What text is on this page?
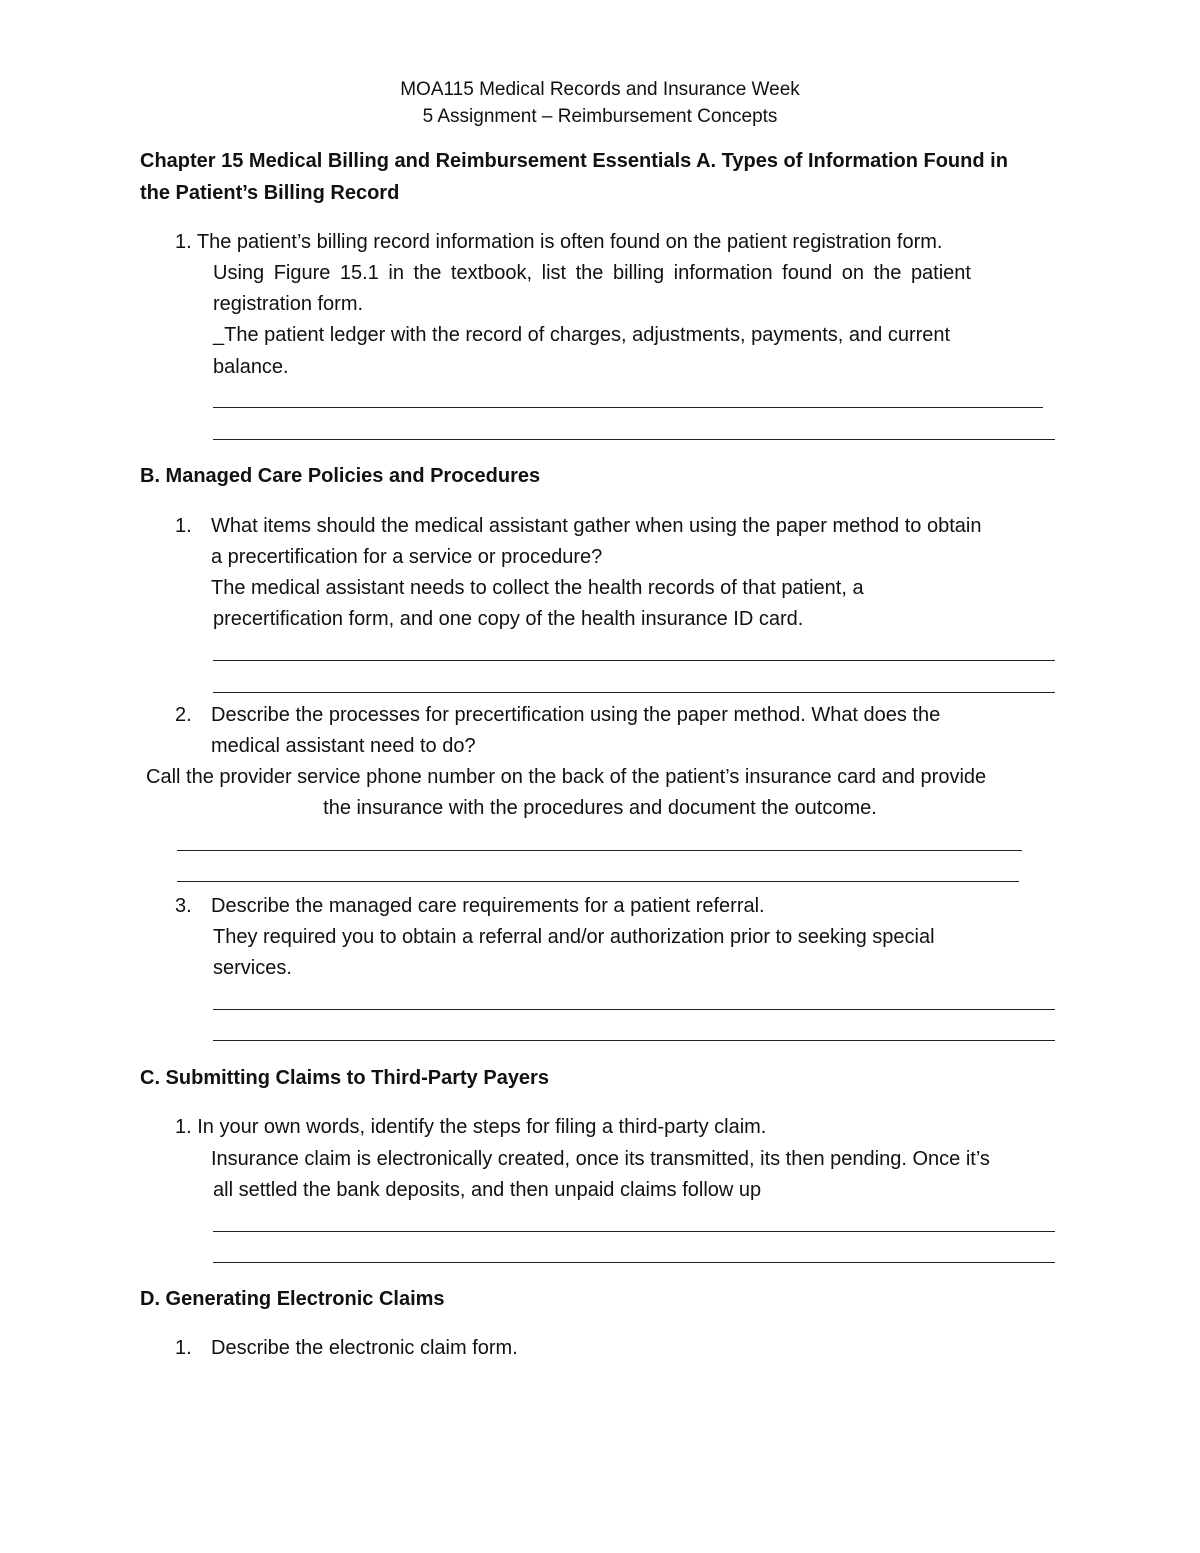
MOA115 Medical Records and Insurance Week
5 Assignment – Reimbursement Concepts
Chapter 15 Medical Billing and Reimbursement Essentials A. Types of Information Found in
the Patient’s Billing Record
1. The patient’s billing record information is often found on the patient registration form.
Using Figure 15.1 in the textbook, list the billing information found on the patient
registration form.
_The patient ledger with the record of charges, adjustments, payments, and current
balance.
B. Managed Care Policies and Procedures
1. What items should the medical assistant gather when using the paper method to obtain
a precertification for a service or procedure?
The medical assistant needs to collect the health records of that patient, a
precertification form, and one copy of the health insurance ID card.
2. Describe the processes for precertification using the paper method. What does the
medical assistant need to do?
Call the provider service phone number on the back of the patient’s insurance card and provide
the insurance with the procedures and document the outcome.
3. Describe the managed care requirements for a patient referral.
They required you to obtain a referral and/or authorization prior to seeking special
services.
C. Submitting Claims to Third-Party Payers
1. In your own words, identify the steps for filing a third-party claim.
Insurance claim is electronically created, once its transmitted, its then pending. Once it’s
all settled the bank deposits, and then unpaid claims follow up
D. Generating Electronic Claims
1. Describe the electronic claim form.
